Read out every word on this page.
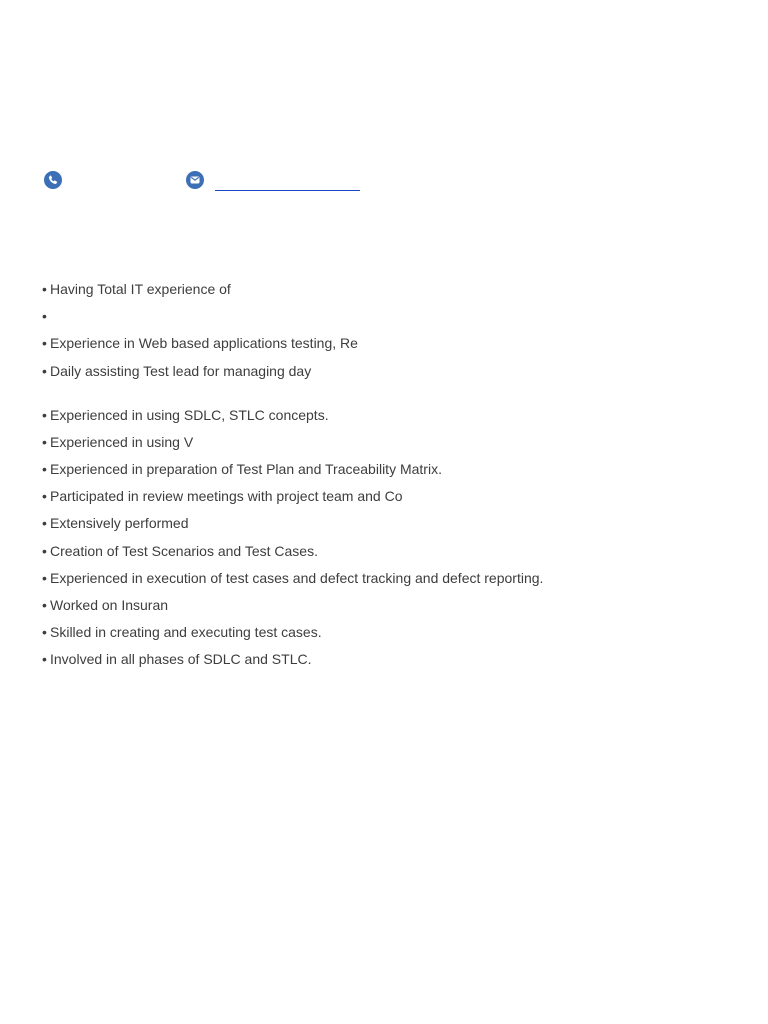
• Having Total IT experience of
•
• Experience in Web based applications testing, Re
• Daily assisting Test lead for managing day
• Experienced in using SDLC, STLC concepts.
• Experienced in using V
• Experienced in preparation of Test Plan and Traceability Matrix.
• Participated in review meetings with project team and Co
• Extensively performed
• Creation of Test Scenarios and Test Cases.
• Experienced in execution of test cases and defect tracking and defect reporting.
• Worked on Insuran
• Skilled in creating and executing test cases.
• Involved in all phases of SDLC and STLC.
